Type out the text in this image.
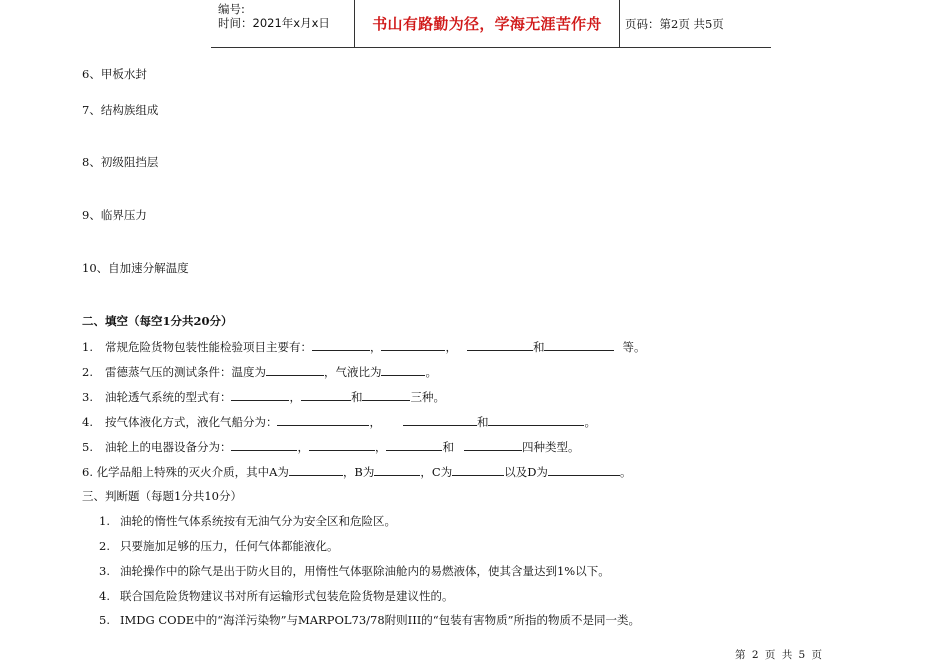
编号:
时间：2021年x月x日	书山有路勤为径，学海无涯苦作舟 页码：第2页 共5页
6、甲板水封
7、结构族组成
8、初级阻挡层
9、临界压力
10、自加速分解温度
二、填空（每空1分共20分）
1. 常规危险货物包装性能检验项目主要有：	，	，	和	等。
2. 雷德蒸气压的测试条件：温度为	，气液比为	。
3. 油轮透气系统的型式有：	，	和	三种。
4. 按气体液化方式，液化气船分为：	，	和	。
5. 油轮上的电器设备分为：	，	，	和	四种类型。
6. 化学品船上特殊的灭火介质，其中A为	，B为	，C为	以及D为	。
三、判断题（每题1分共10分）
1. 油轮的惰性气体系统按有无油气分为安全区和危险区。
2. 只要施加足够的压力，任何气体都能液化。
3. 油轮操作中的除气是出于防火目的，用惰性气体驱除油舱内的易燃液体，使其含量达到1%以下。
4. 联合国危险货物建议书对所有运输形式包装危险货物是建议性的。
5. IMDG CODE中的“海洋污染物”与MARPOL73/78附则III的“包装有害物质”所指的物质不是同一类。
第 2 页 共 5 页
